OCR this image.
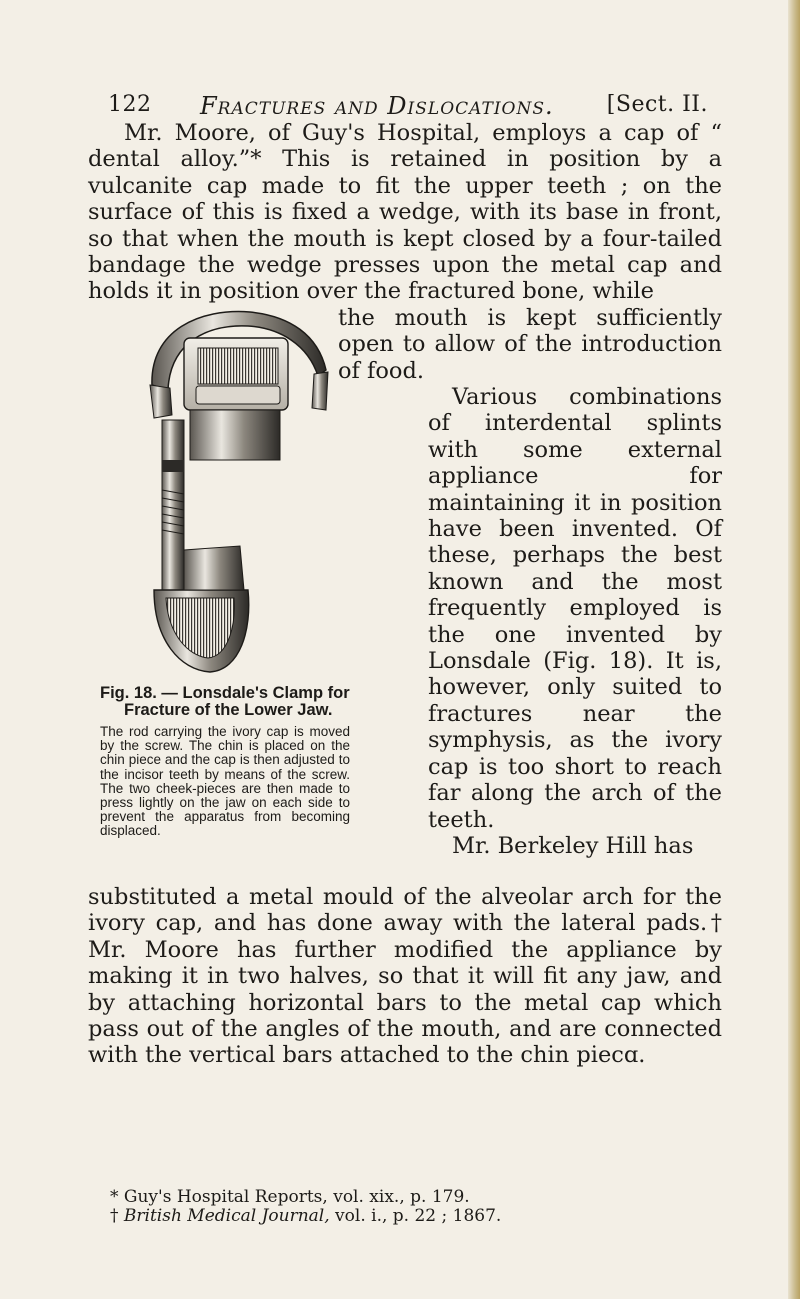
122 Fractures and Dislocations. [Sect. II.
Mr. Moore, of Guy's Hospital, employs a cap of “ dental alloy.”* This is retained in position by a vulcanite cap made to fit the upper teeth ; on the surface of this is fixed a wedge, with its base in front, so that when the mouth is kept closed by a four-tailed bandage the wedge presses upon the metal cap and holds it in position over the fractured bone, while
the mouth is kept sufficiently open to allow of the introduction of food.
Fig. 18. — Lonsdale's Clamp for
Fracture of the Lower Jaw.
The rod carrying the ivory cap is moved by the screw. The chin is placed on the chin piece and the cap is then adjusted to the incisor teeth by means of the screw. The two cheek-pieces are then made to press lightly on the jaw on each side to prevent the apparatus from becoming displaced.
Various combinations of interdental splints with some external appliance for maintaining it in position have been invented. Of these, perhaps the best known and the most frequently employed is the one invented by Lonsdale (Fig. 18). It is, however, only suited to fractures near the symphysis, as the ivory cap is too short to reach far along the arch of the teeth.
Mr. Berkeley Hill has
substituted a metal mould of the alveolar arch for the ivory cap, and has done away with the lateral pads.† Mr. Moore has further modified the appliance by making it in two halves, so that it will fit any jaw, and by attaching horizontal bars to the metal cap which pass out of the angles of the mouth, and are connected with the vertical bars attached to the chin piecɑ.
* Guy's Hospital Reports, vol. xix., p. 179.
† British Medical Journal, vol. i., p. 22 ; 1867.
